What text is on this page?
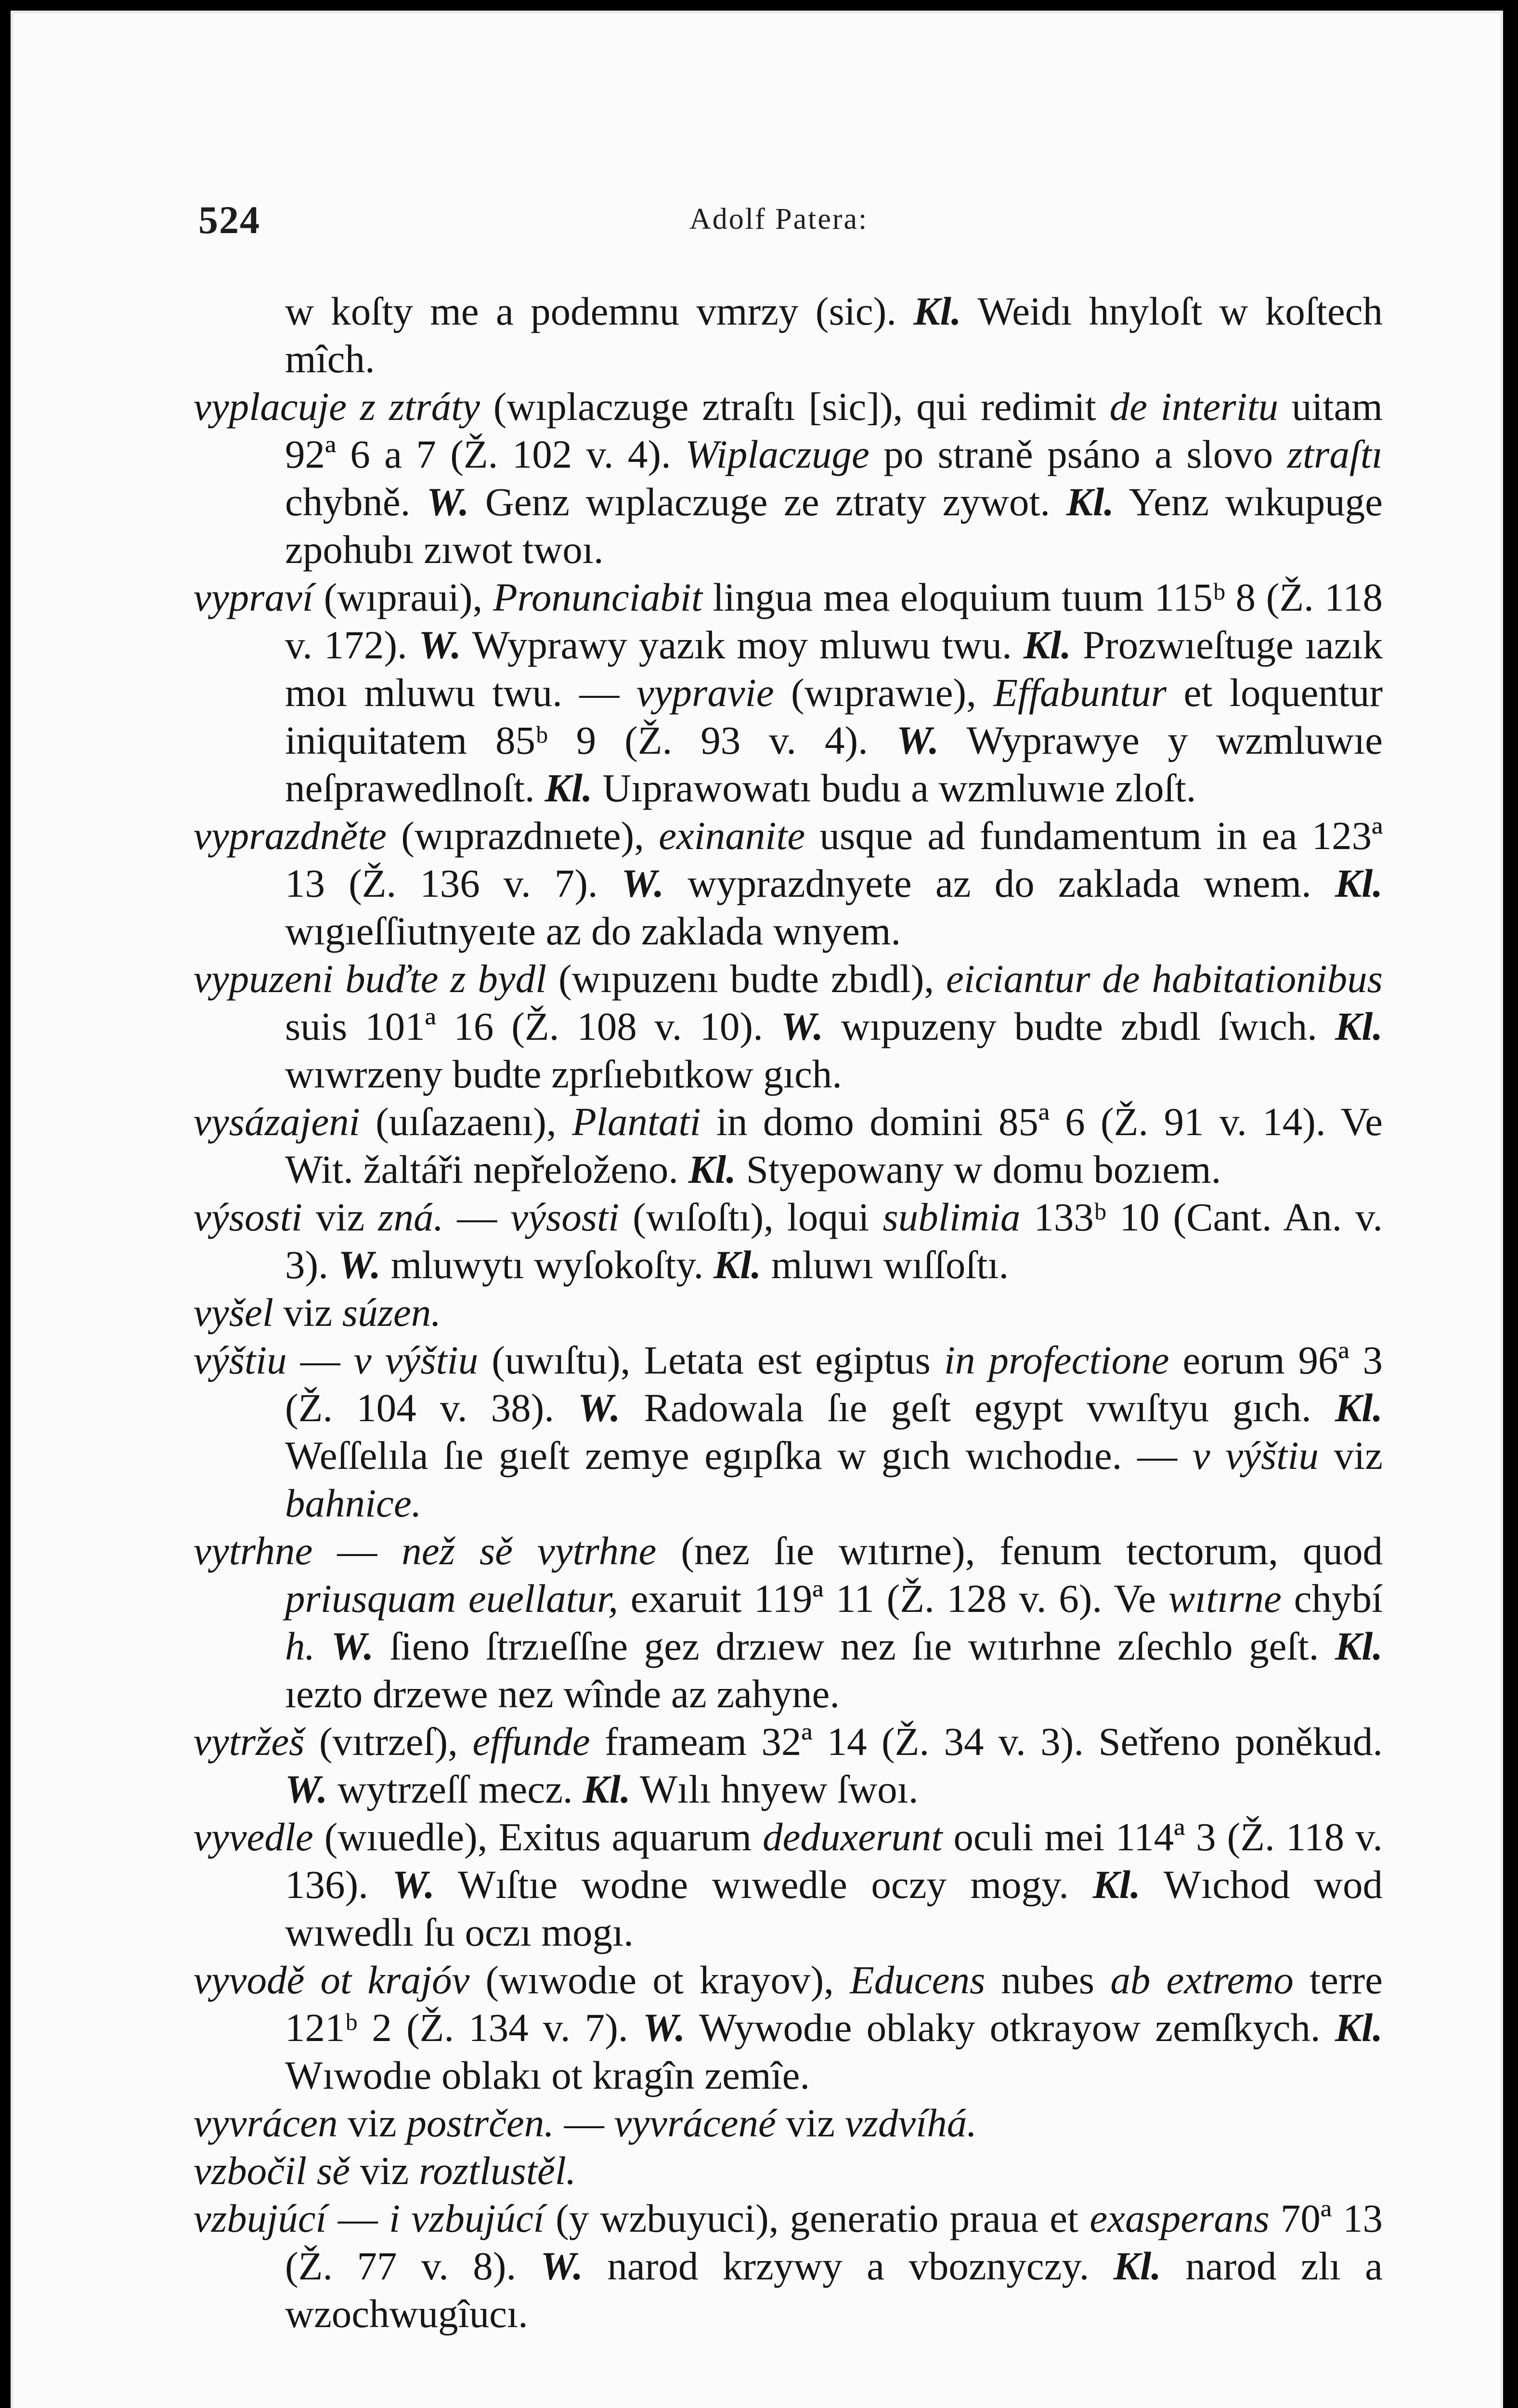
524	Adolf Patera:

w koſty me a podemnu vmrzy (sic). Kl. Weidı hnyloſt w koſtech mîch.

vyplacuje z ztráty (wıplaczuge ztraſtı [sic]), qui redimit de interitu uitam 92ª 6 a 7 (Ž. 102 v. 4). Wiplaczuge po straně psáno a slovo ztraſtı chybně. W. Genz wıplaczuge ze ztraty zywot. Kl. Yenz wıkupuge zpohubı zıwot twoı.

vypraví (wıpraui), Pronunciabit lingua mea eloquium tuum 115ᵇ 8 (Ž. 118 v. 172). W. Wyprawy yazık moy mluwu twu. Kl. Prozwıeſtuge ıazık moı mluwu twu. — vypravie (wıprawıe), Effabuntur et loquentur iniquitatem 85ᵇ 9 (Ž. 93 v. 4). W. Wyprawye y wzmluwıe neſprawedlnoſt. Kl. Uıprawowatı budu a wzmluwıe zloſt.

vyprazdněte (wıprazdnıete), exinanite usque ad fundamentum in ea 123ª 13 (Ž. 136 v. 7). W. wyprazdnyete az do zaklada wnem. Kl. wıgıeſſiutnyeıte az do zaklada wnyem.

vypuzeni buďte z bydl (wıpuzenı budte zbıdl), eiciantur de habitationibus suis 101ª 16 (Ž. 108 v. 10). W. wıpuzeny budte zbıdl ſwıch. Kl. wıwrzeny budte zprſıebıtkow gıch.

vysázajeni (uıſazaenı), Plantati in domo domini 85ª 6 (Ž. 91 v. 14). Ve Wit. žaltáři nepřeloženo. Kl. Styepowany w domu bozıem.

výsosti viz zná. — výsosti (wıſoſtı), loqui sublimia 133ᵇ 10 (Cant. An. v. 3). W. mluwytı wyſokoſty. Kl. mluwı wıſſoſtı.

vyšel viz súzen.

výštiu — v výštiu (uwıſtu), Letata est egiptus in profectione eorum 96ª 3 (Ž. 104 v. 38). W. Radowala ſıe geſt egypt vwıſtyu gıch. Kl. Weſſelıla ſıe gıeſt zemye egıpſka w gıch wıchodıe. — v výštiu viz bahnice.

vytrhne — než sě vytrhne (nez ſıe wıtırne), fenum tectorum, quod priusquam euellatur, exaruit 119ª 11 (Ž. 128 v. 6). Ve wıtırne chybí h. W. ſieno ſtrzıeſſne gez drzıew nez ſıe wıtırhne zſechlo geſt. Kl. ıezto drzewe nez wînde az zahyne.

vytržeš (vıtrzeſ), effunde frameam 32ª 14 (Ž. 34 v. 3). Setřeno poněkud. W. wytrzeſſ mecz. Kl. Wılı hnyew ſwoı.

vyvedle (wıuedle), Exitus aquarum deduxerunt oculi mei 114ª 3 (Ž. 118 v. 136). W. Wıſtıe wodne wıwedle oczy mogy. Kl. Wıchod wod wıwedlı ſu oczı mogı.

vyvodě ot krajóv (wıwodıe ot krayov), Educens nubes ab extremo terre 121ᵇ 2 (Ž. 134 v. 7). W. Wywodıe oblaky otkrayow zemſkych. Kl. Wıwodıe oblakı ot kragîn zemîe.

vyvrácen viz postrčen. — vyvrácené viz vzdvíhá.

vzbočil sě viz roztlustěl.

vzbujúcí — i vzbujúcí (y wzbuyuci), generatio praua et exasperans 70ª 13 (Ž. 77 v. 8). W. narod krzywy a vboznyczy. Kl. narod zlı a wzochwugîucı.
